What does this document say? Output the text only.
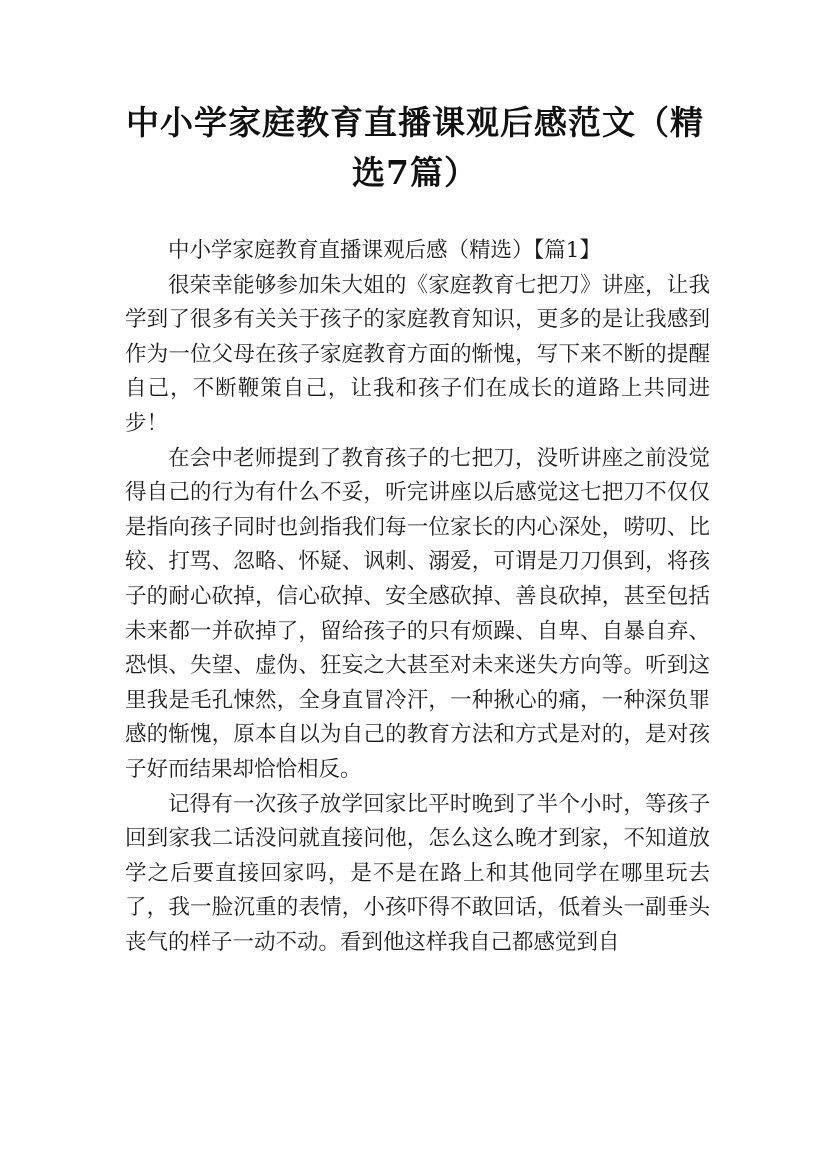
中小学家庭教育直播课观后感范文（精选7篇）

中小学家庭教育直播课观后感（精选）【篇1】

很荣幸能够参加朱大姐的《家庭教育七把刀》讲座，让我学到了很多有关关于孩子的家庭教育知识，更多的是让我感到作为一位父母在孩子家庭教育方面的惭愧，写下来不断的提醒自己，不断鞭策自己，让我和孩子们在成长的道路上共同进步！

在会中老师提到了教育孩子的七把刀，没听讲座之前没觉得自己的行为有什么不妥，听完讲座以后感觉这七把刀不仅仅是指向孩子同时也剑指我们每一位家长的内心深处，唠叨、比较、打骂、忽略、怀疑、讽刺、溺爱，可谓是刀刀俱到，将孩子的耐心砍掉，信心砍掉、安全感砍掉、善良砍掉，甚至包括未来都一并砍掉了，留给孩子的只有烦躁、自卑、自暴自弃、恐惧、失望、虚伪、狂妄之大甚至对未来迷失方向等。听到这里我是毛孔悚然，全身直冒冷汗，一种揪心的痛，一种深负罪感的惭愧，原本自以为自己的教育方法和方式是对的，是对孩子好而结果却恰恰相反。

记得有一次孩子放学回家比平时晚到了半个小时，等孩子回到家我二话没问就直接问他，怎么这么晚才到家，不知道放学之后要直接回家吗，是不是在路上和其他同学在哪里玩去了，我一脸沉重的表情，小孩吓得不敢回话，低着头一副垂头丧气的样子一动不动。看到他这样我自己都感觉到自
